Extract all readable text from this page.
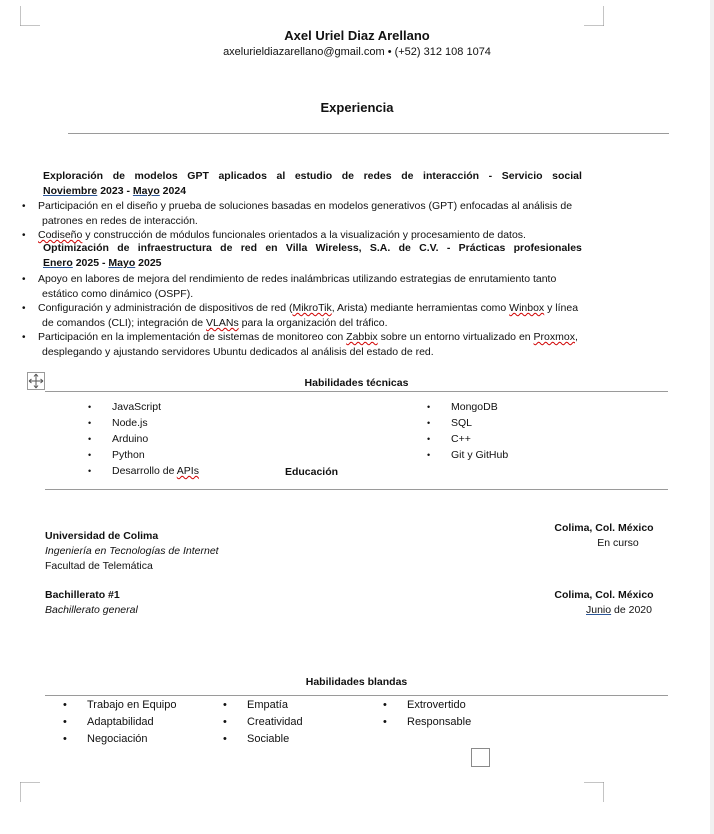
Axel Uriel Diaz Arellano
axelurieldiazarellano@gmail.com • (+52) 312 108 1074
Experiencia
Exploración de modelos GPT aplicados al estudio de redes de interacción - Servicio social
Noviembre 2023 - Mayo 2024
•	Participación en el diseño y prueba de soluciones basadas en modelos generativos (GPT) enfocadas al análisis de
patrones en redes de interacción.
•	Codiseño y construcción de módulos funcionales orientados a la visualización y procesamiento de datos.
Optimización de infraestructura de red en Villa Wireless, S.A. de C.V. - Prácticas profesionales
Enero 2025 - Mayo 2025
•	Apoyo en labores de mejora del rendimiento de redes inalámbricas utilizando estrategias de enrutamiento tanto
estático como dinámico (OSPF).
•	Configuración y administración de dispositivos de red (MikroTik, Arista) mediante herramientas como Winbox y línea
de comandos (CLI); integración de VLANs para la organización del tráfico.
•	Participación en la implementación de sistemas de monitoreo con Zabbix sobre un entorno virtualizado en Proxmox,
desplegando y ajustando servidores Ubuntu dedicados al análisis del estado de red.
Habilidades técnicas
•	JavaScript
•	Node.js
•	Arduino
•	Python
•	Desarrollo de APIs
•	MongoDB
•	SQL
•	C++
•	Git y GitHub
Educación
Universidad de Colima
Ingeniería en Tecnologías de Internet
Facultad de Telemática
Colima, Col. México
En curso
Bachillerato #1
Bachillerato general
Colima, Col. México
Junio de 2020
Habilidades blandas
•	Trabajo en Equipo
•	Adaptabilidad
•	Negociación
•	Empatía
•	Creatividad
•	Sociable
•	Extrovertido
•	Responsable
